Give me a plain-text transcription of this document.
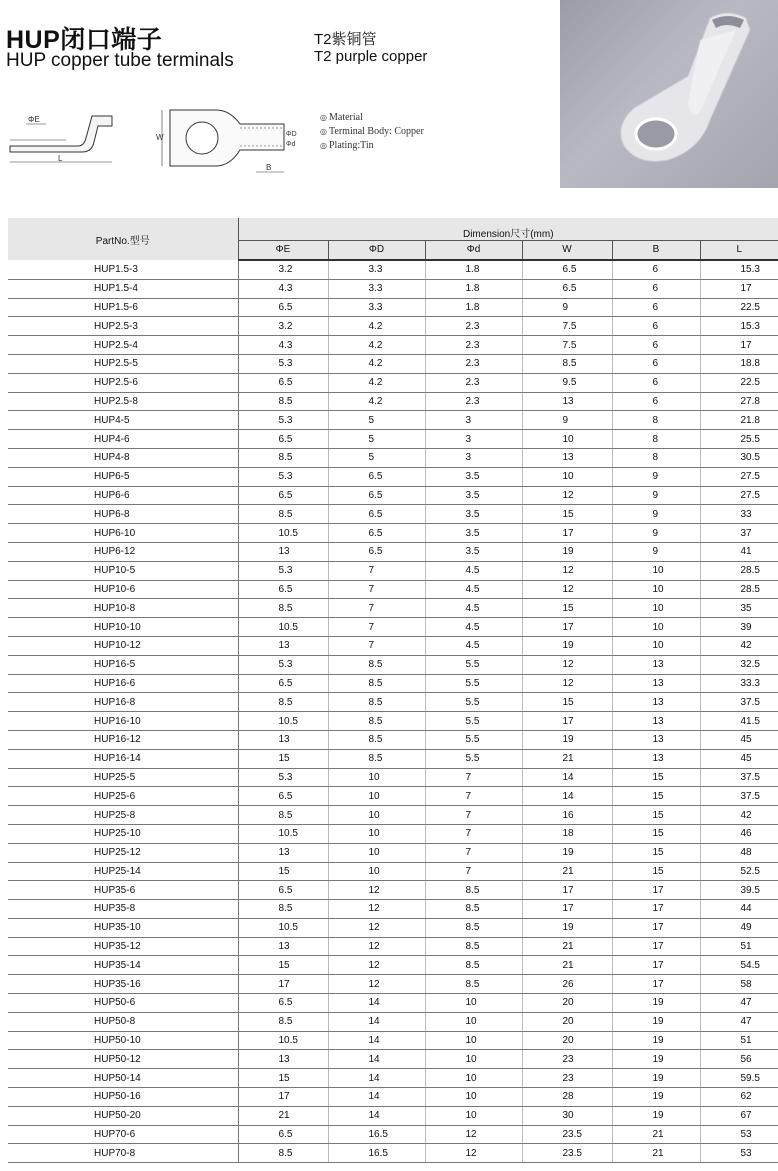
HUP闭口端子
HUP copper tube terminals
T2紫铜管
T2 purple copper
ΦE
L
W	ΦD
Φd
B
◎ Material
◎ Terminal Body: Copper
◎ Plating:Tin
PartNo.型号	Dimension尺寸(mm)					
	ΦE	ΦD	Φd	W	B	L
HUP1.5-3	3.2	3.3	1.8	6.5	6	15.3
HUP1.5-4	4.3	3.3	1.8	6.5	6	17
HUP1.5-6	6.5	3.3	1.8	9	6	22.5
HUP2.5-3	3.2	4.2	2.3	7.5	6	15.3
HUP2.5-4	4.3	4.2	2.3	7.5	6	17
HUP2.5-5	5.3	4.2	2.3	8.5	6	18.8
HUP2.5-6	6.5	4.2	2.3	9.5	6	22.5
HUP2.5-8	8.5	4.2	2.3	13	6	27.8
HUP4-5	5.3	5	3	9	8	21.8
HUP4-6	6.5	5	3	10	8	25.5
HUP4-8	8.5	5	3	13	8	30.5
HUP6-5	5.3	6.5	3.5	10	9	27.5
HUP6-6	6.5	6.5	3.5	12	9	27.5
HUP6-8	8.5	6.5	3.5	15	9	33
HUP6-10	10.5	6.5	3.5	17	9	37
HUP6-12	13	6.5	3.5	19	9	41
HUP10-5	5.3	7	4.5	12	10	28.5
HUP10-6	6.5	7	4.5	12	10	28.5
HUP10-8	8.5	7	4.5	15	10	35
HUP10-10	10.5	7	4.5	17	10	39
HUP10-12	13	7	4.5	19	10	42
HUP16-5	5.3	8.5	5.5	12	13	32.5
HUP16-6	6.5	8.5	5.5	12	13	33.3
HUP16-8	8.5	8.5	5.5	15	13	37.5
HUP16-10	10.5	8.5	5.5	17	13	41.5
HUP16-12	13	8.5	5.5	19	13	45
HUP16-14	15	8.5	5.5	21	13	45
HUP25-5	5.3	10	7	14	15	37.5
HUP25-6	6.5	10	7	14	15	37.5
HUP25-8	8.5	10	7	16	15	42
HUP25-10	10.5	10	7	18	15	46
HUP25-12	13	10	7	19	15	48
HUP25-14	15	10	7	21	15	52.5
HUP35-6	6.5	12	8.5	17	17	39.5
HUP35-8	8.5	12	8.5	17	17	44
HUP35-10	10.5	12	8.5	19	17	49
HUP35-12	13	12	8.5	21	17	51
HUP35-14	15	12	8.5	21	17	54.5
HUP35-16	17	12	8.5	26	17	58
HUP50-6	6.5	14	10	20	19	47
HUP50-8	8.5	14	10	20	19	47
HUP50-10	10.5	14	10	20	19	51
HUP50-12	13	14	10	23	19	56
HUP50-14	15	14	10	23	19	59.5
HUP50-16	17	14	10	28	19	62
HUP50-20	21	14	10	30	19	67
HUP70-6	6.5	16.5	12	23.5	21	53
HUP70-8	8.5	16.5	12	23.5	21	53
